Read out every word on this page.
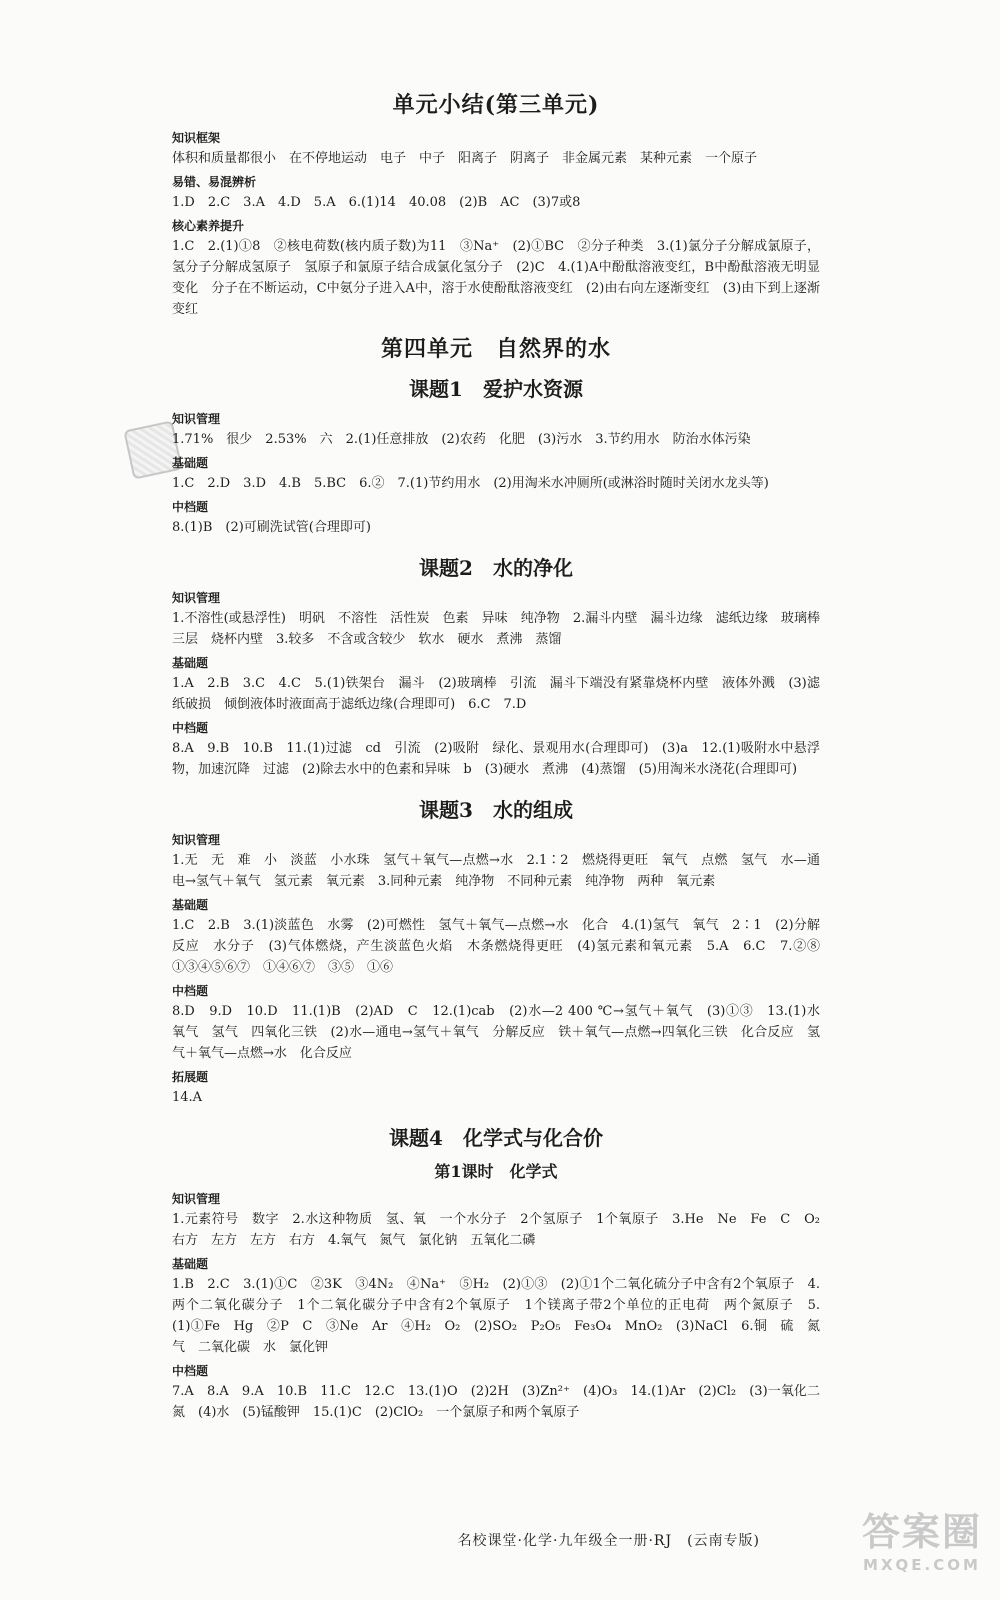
单元小结(第三单元)
知识框架

体积和质量都很小　在不停地运动　电子　中子　阳离子　阴离子　非金属元素　某种元素　一个原子

易错、易混辨析

1.D　2.C　3.A　4.D　5.A　6.(1)14　40.08　(2)B　AC　(3)7或8

核心素养提升

1.C　2.(1)①8　②核电荷数(核内质子数)为11　③Na⁺　(2)①BC　②分子种类　3.(1)氯分子分解成氯原子，氢分子分解成氢原子　氢原子和氯原子结合成氯化氢分子　(2)C　4.(1)A中酚酞溶液变红，B中酚酞溶液无明显变化　分子在不断运动，C中氨分子进入A中，溶于水使酚酞溶液变红　(2)由右向左逐渐变红　(3)由下到上逐渐变红

第四单元　自然界的水
课题1　爱护水资源
知识管理

1.71%　很少　2.53%　六　2.(1)任意排放　(2)农药　化肥　(3)污水　3.节约用水　防治水体污染

基础题

1.C　2.D　3.D　4.B　5.BC　6.②　7.(1)节约用水　(2)用淘米水冲厕所(或淋浴时随时关闭水龙头等)

中档题

8.(1)B　(2)可刷洗试管(合理即可)

课题2　水的净化
知识管理

1.不溶性(或悬浮性)　明矾　不溶性　活性炭　色素　异味　纯净物　2.漏斗内壁　漏斗边缘　滤纸边缘　玻璃棒　三层　烧杯内壁　3.较多　不含或含较少　软水　硬水　煮沸　蒸馏

基础题

1.A　2.B　3.C　4.C　5.(1)铁架台　漏斗　(2)玻璃棒　引流　漏斗下端没有紧靠烧杯内壁　液体外溅　(3)滤纸破损　倾倒液体时液面高于滤纸边缘(合理即可)　6.C　7.D

中档题

8.A　9.B　10.B　11.(1)过滤　cd　引流　(2)吸附　绿化、景观用水(合理即可)　(3)a　12.(1)吸附水中悬浮物，加速沉降　过滤　(2)除去水中的色素和异味　b　(3)硬水　煮沸　(4)蒸馏　(5)用淘米水浇花(合理即可)

课题3　水的组成
知识管理

1.无　无　难　小　淡蓝　小水珠　氢气＋氧气—点燃→水　2.1∶2　燃烧得更旺　氧气　点燃　氢气　水—通电→氢气＋氧气　氢元素　氧元素　3.同种元素　纯净物　不同种元素　纯净物　两种　氧元素

基础题

1.C　2.B　3.(1)淡蓝色　水雾　(2)可燃性　氢气＋氧气—点燃→水　化合　4.(1)氢气　氧气　2∶1　(2)分解反应　水分子　(3)气体燃烧，产生淡蓝色火焰　木条燃烧得更旺　(4)氢元素和氧元素　5.A　6.C　7.②⑧　①③④⑤⑥⑦　①④⑥⑦　③⑤　①⑥

中档题

8.D　9.D　10.D　11.(1)B　(2)AD　C　12.(1)cab　(2)水—2 400 ℃→氢气＋氧气　(3)①③　13.(1)水　氧气　氢气　四氧化三铁　(2)水—通电→氢气＋氧气　分解反应　铁＋氧气—点燃→四氧化三铁　化合反应　氢气＋氧气—点燃→水　化合反应

拓展题

14.A

课题4　化学式与化合价
第1课时　化学式
知识管理

1.元素符号　数字　2.水这种物质　氢、氧　一个水分子　2个氢原子　1个氧原子　3.He　Ne　Fe　C　O₂　右方　左方　左方　右方　4.氧气　氮气　氯化钠　五氧化二磷

基础题

1.B　2.C　3.(1)①C　②3K　③4N₂　④Na⁺　⑤H₂　(2)①③　(2)①1个二氧化硫分子中含有2个氧原子　4.两个二氧化碳分子　1个二氧化碳分子中含有2个氧原子　1个镁离子带2个单位的正电荷　两个氮原子　5.(1)①Fe　Hg　②P　C　③Ne　Ar　④H₂　O₂　(2)SO₂　P₂O₅　Fe₃O₄　MnO₂　(3)NaCl　6.铜　硫　氮气　二氧化碳　水　氯化钾

中档题

7.A　8.A　9.A　10.B　11.C　12.C　13.(1)O　(2)2H　(3)Zn²⁺　(4)O₃　14.(1)Ar　(2)Cl₂　(3)一氧化二氮　(4)水　(5)锰酸钾　15.(1)C　(2)ClO₂　一个氯原子和两个氧原子

名校课堂·化学·九年级全一册·RJ　(云南专版)	答案圈
MXQE.COM
